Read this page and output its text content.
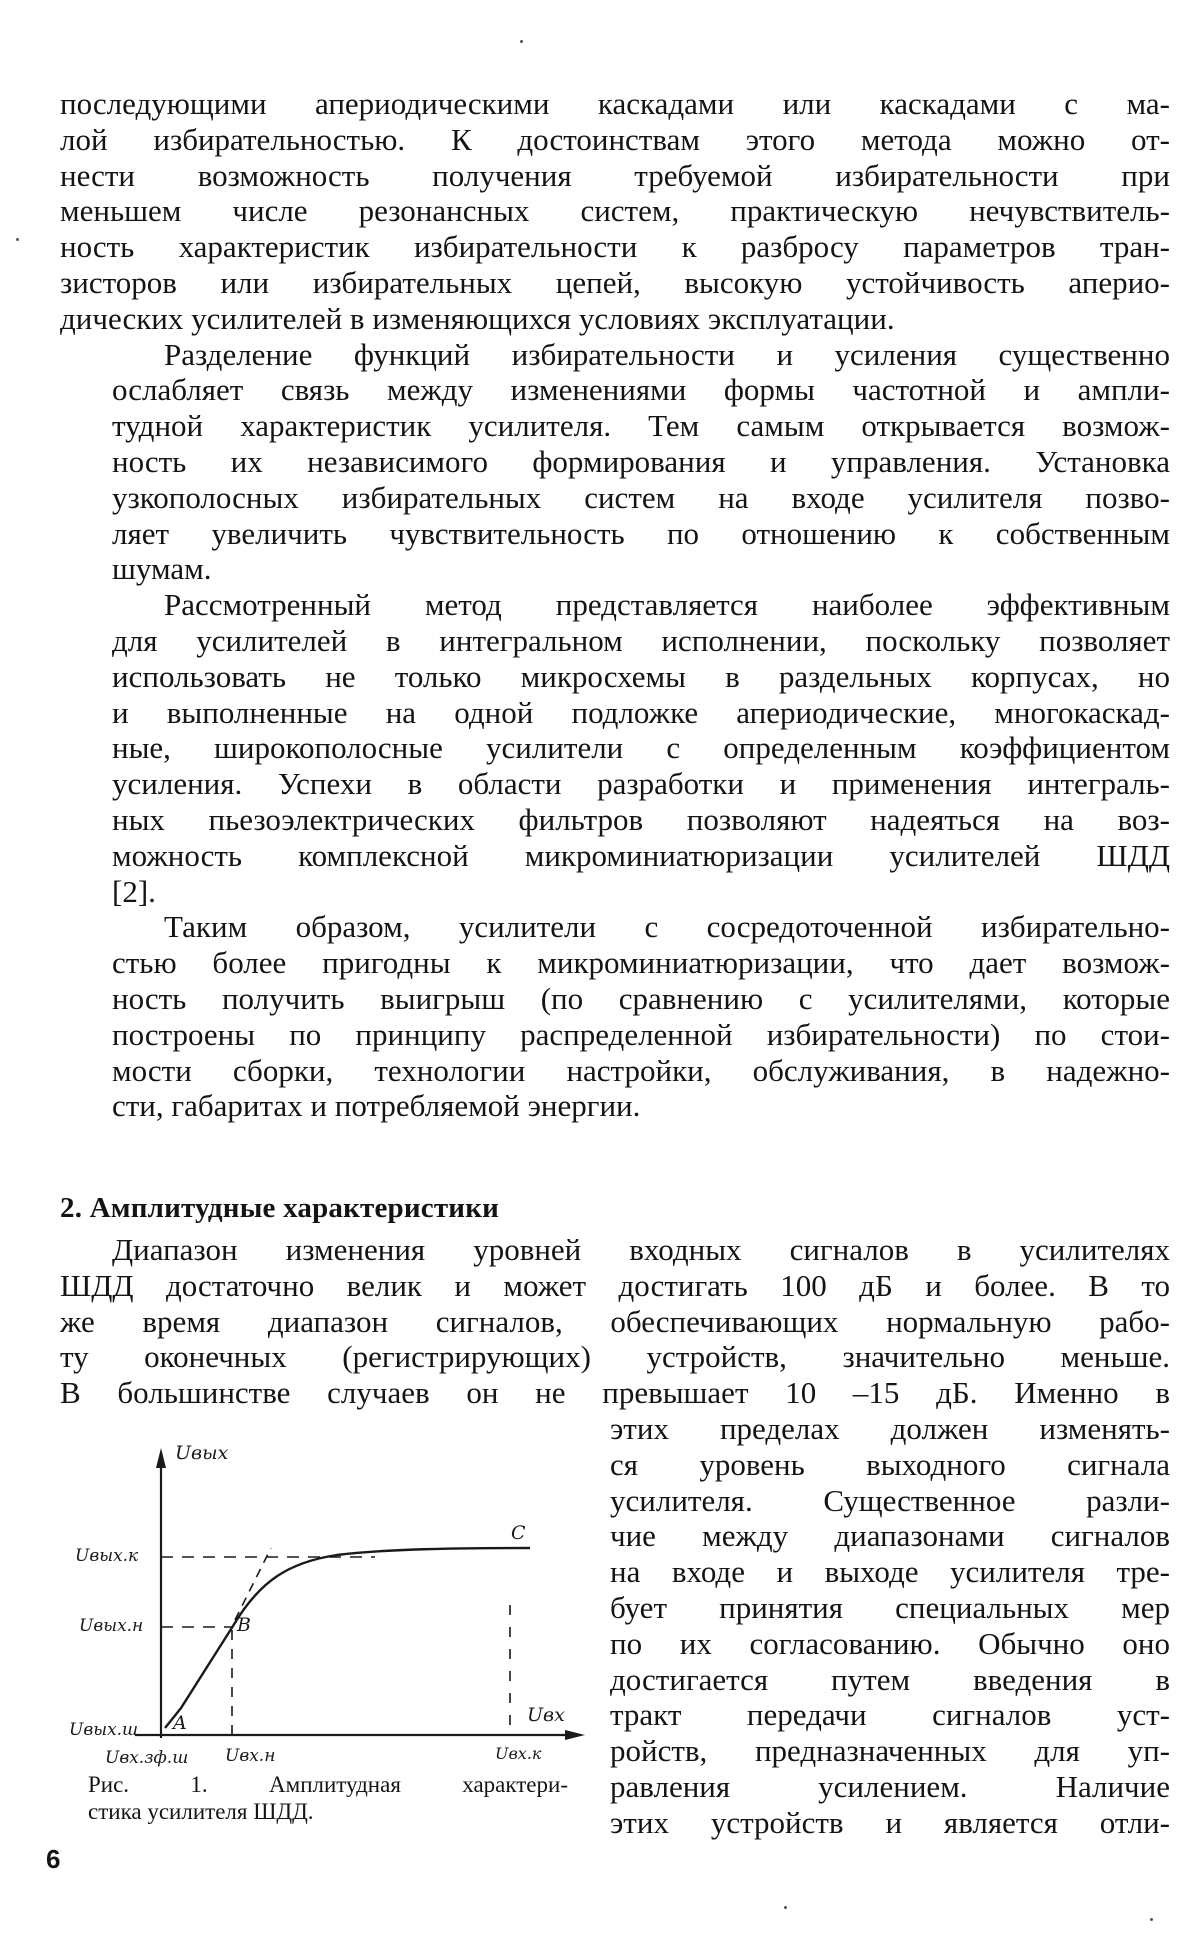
последующими апериодическими каскадами или каскадами с ма-
лой избирательностью. К достоинствам этого метода можно от-
нести возможность получения требуемой избирательности при
меньшем числе резонансных систем, практическую нечувствитель-
ность характеристик избирательности к разбросу параметров тран-
зисторов или избирательных цепей, высокую устойчивость аперио-
дических усилителей в изменяющихся условиях эксплуатации.
Разделение функций избирательности и усиления существенно
ослабляет связь между изменениями формы частотной и ампли-
тудной характеристик усилителя. Тем самым открывается возмож-
ность их независимого формирования и управления. Установка
узкополосных избирательных систем на входе усилителя позво-
ляет увеличить чувствительность по отношению к собственным
шумам.
Рассмотренный метод представляется наиболее эффективным
для усилителей в интегральном исполнении, поскольку позволяет
использовать не только микросхемы в раздельных корпусах, но
и выполненные на одной подложке апериодические, многокаскад-
ные, широкополосные усилители с определенным коэффициентом
усиления. Успехи в области разработки и применения интеграль-
ных пьезоэлектрических фильтров позволяют надеяться на воз-
можность комплексной микроминиатюризации усилителей ШДД
[2].
Таким образом, усилители с сосредоточенной избирательно-
стью более пригодны к микроминиатюризации, что дает возмож-
ность получить выигрыш (по сравнению с усилителями, которые
построены по принципу распределенной избирательности) по стои-
мости сборки, технологии настройки, обслуживания, в надежно-
сти, габаритах и потребляемой энергии.
2. Амплитудные характеристики
Диапазон изменения уровней входных сигналов в усилителях
ШДД достаточно велик и может достигать 100 дБ и более. В то
же время диапазон сигналов, обеспечивающих нормальную рабо-
ту оконечных (регистрирующих) устройств, значительно меньше.
В большинстве случаев он не превышает 10 –15 дБ. Именно в
этих пределах должен изменять-
ся уровень выходного сигнала
усилителя. Существенное разли-
чие между диапазонами сигналов
на входе и выходе усилителя тре-
бует принятия специальных мер
по их согласованию. Обычно оно
достигается путем введения в
тракт передачи сигналов уст-
ройств, предназначенных для уп-
равления усилением. Наличие
этих устройств и является отли-
Uвых
Uвых.к
Uвых.н
Uвых.ш A
B
C
Uвх
Uвх.зф.ш Uвх.н	Uвх.к
Рис. 1. Амплитудная характери-
стика усилителя ШДД.
6
